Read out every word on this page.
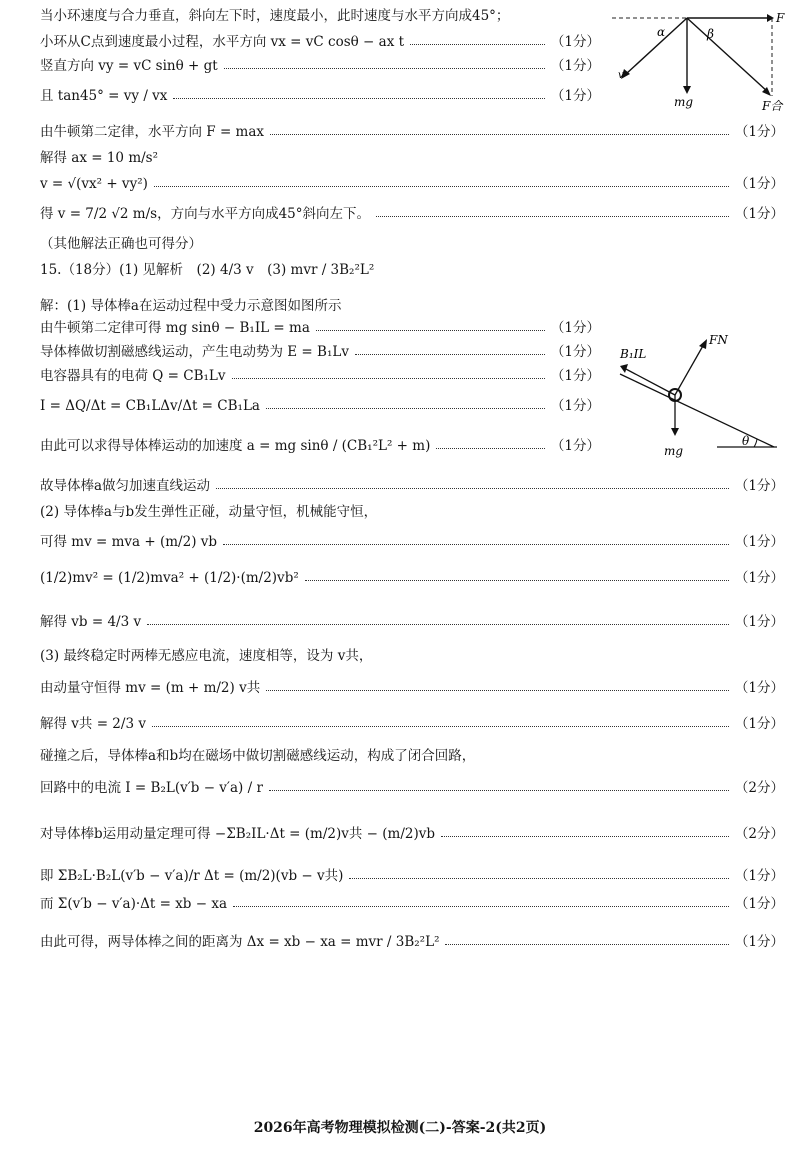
α	β
F
v
mg	F合
FN
B₁IL
mg
θ
当小环速度与合力垂直，斜向左下时，速度最小，此时速度与水平方向成45°；
小环从C点到速度最小过程，水平方向 vx = vC cosθ − ax t	（1分）
竖直方向 vy = vC sinθ + gt	（1分）
且 tan45° = vy / vx	（1分）
由牛顿第二定律，水平方向 F = max	（1分）
解得 ax = 10 m/s²
v = √(vx² + vy²)	（1分）
得 v = 7/2 √2 m/s，方向与水平方向成45°斜向左下。	（1分）
（其他解法正确也可得分）
15.（18分）(1) 见解析　(2) 4/3 v　(3) mvr / 3B₂²L²
解：(1) 导体棒a在运动过程中受力示意图如图所示
由牛顿第二定律可得 mg sinθ − B₁IL = ma	（1分）
导体棒做切割磁感线运动，产生电动势为 E = B₁Lv	（1分）
电容器具有的电荷 Q = CB₁Lv	（1分）
I = ΔQ/Δt = CB₁LΔv/Δt = CB₁La	（1分）
由此可以求得导体棒运动的加速度 a = mg sinθ / (CB₁²L² + m)	（1分）
故导体棒a做匀加速直线运动	（1分）
(2) 导体棒a与b发生弹性正碰，动量守恒，机械能守恒，
可得 mv = mva + (m/2) vb	（1分）
(1/2)mv² = (1/2)mva² + (1/2)·(m/2)vb²	（1分）
解得 vb = 4/3 v	（1分）
(3) 最终稳定时两棒无感应电流，速度相等，设为 v共，
由动量守恒得 mv = (m + m/2) v共	（1分）
解得 v共 = 2/3 v	（1分）
碰撞之后，导体棒a和b均在磁场中做切割磁感线运动，构成了闭合回路，
回路中的电流 I = B₂L(v′b − v′a) / r	（2分）
对导体棒b运用动量定理可得 −ΣB₂IL·Δt = (m/2)v共 − (m/2)vb	（2分）
即 ΣB₂L·B₂L(v′b − v′a)/r Δt = (m/2)(vb − v共)	（1分）
而 Σ(v′b − v′a)·Δt = xb − xa	（1分）
由此可得，两导体棒之间的距离为 Δx = xb − xa = mvr / 3B₂²L²	（1分）
2026年高考物理模拟检测(二)-答案-2(共2页)
